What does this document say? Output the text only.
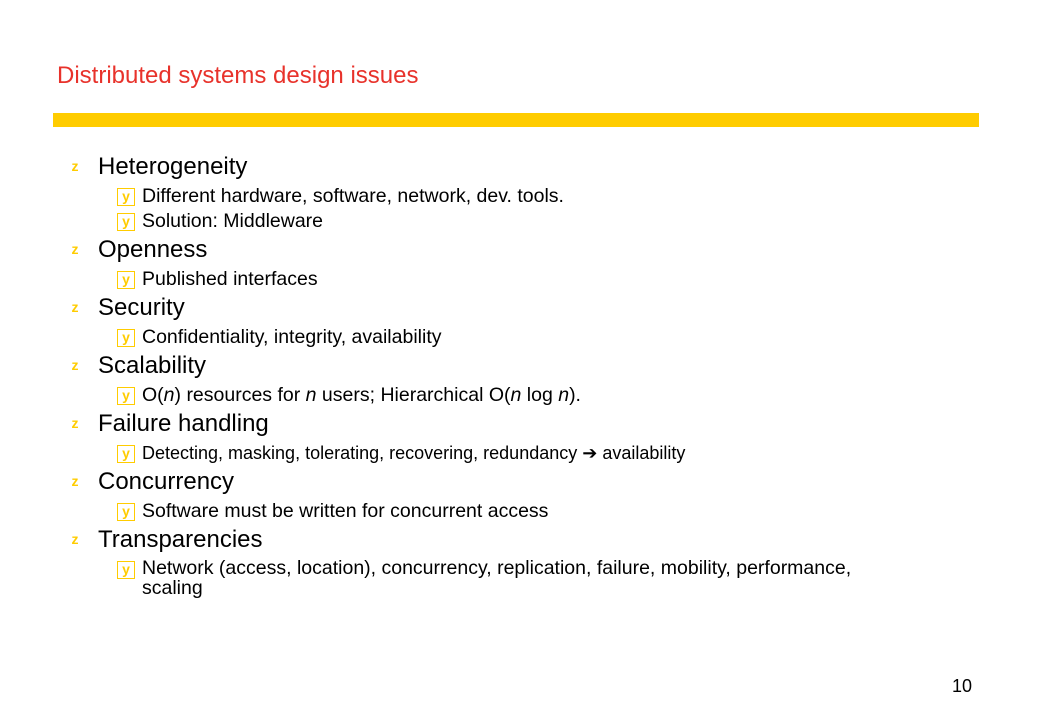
Distributed systems design issues
z Heterogeneity
y Different hardware, software, network, dev. tools.
y Solution: Middleware
z Openness
y Published interfaces
z Security
y Confidentiality, integrity, availability
z Scalability
y O(n) resources for n users; Hierarchical O(n log n).
z Failure handling
y Detecting, masking, tolerating, recovering, redundancy ➔ availability
z Concurrency
y Software must be written for concurrent access
z Transparencies
y Network (access, location), concurrency, replication, failure, mobility, performance, scaling
10
